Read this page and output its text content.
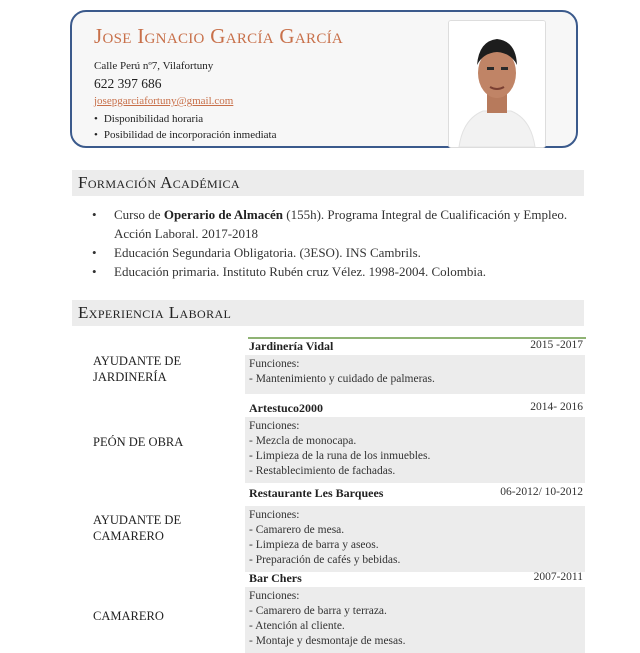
Jose Ignacio García García
Calle Perú nº7, Vilafortuny
622 397 686
josepgarciafortuny@gmail.com
• Disponibilidad horaria
• Posibilidad de incorporación inmediata
Formación Académica
• Curso de Operario de Almacén (155h). Programa Integral de Cualificación y Empleo. Acción Laboral. 2017-2018
• Educación Segundaria Obligatoria. (3ESO). INS Cambrils.
• Educación primaria. Instituto Rubén cruz Vélez. 1998-2004. Colombia.
Experiencia Laboral
AYUDANTE DE JARDINERÍA
Jardinería Vidal	2015 -2017
Funciones:
- Mantenimiento y cuidado de palmeras.
PEÓN DE OBRA
Artestuco2000	2014- 2016
Funciones:
- Mezcla de monocapa.
- Limpieza de la runa de los inmuebles.
- Restablecimiento de fachadas.
AYUDANTE DE CAMARERO
Restaurante Les Barquees	06-2012/ 10-2012
Funciones:
- Camarero de mesa.
- Limpieza de barra y aseos.
- Preparación de cafés y bebidas.
CAMARERO
Bar Chers	2007-2011
Funciones:
- Camarero de barra y terraza.
- Atención al cliente.
- Montaje y desmontaje de mesas.
